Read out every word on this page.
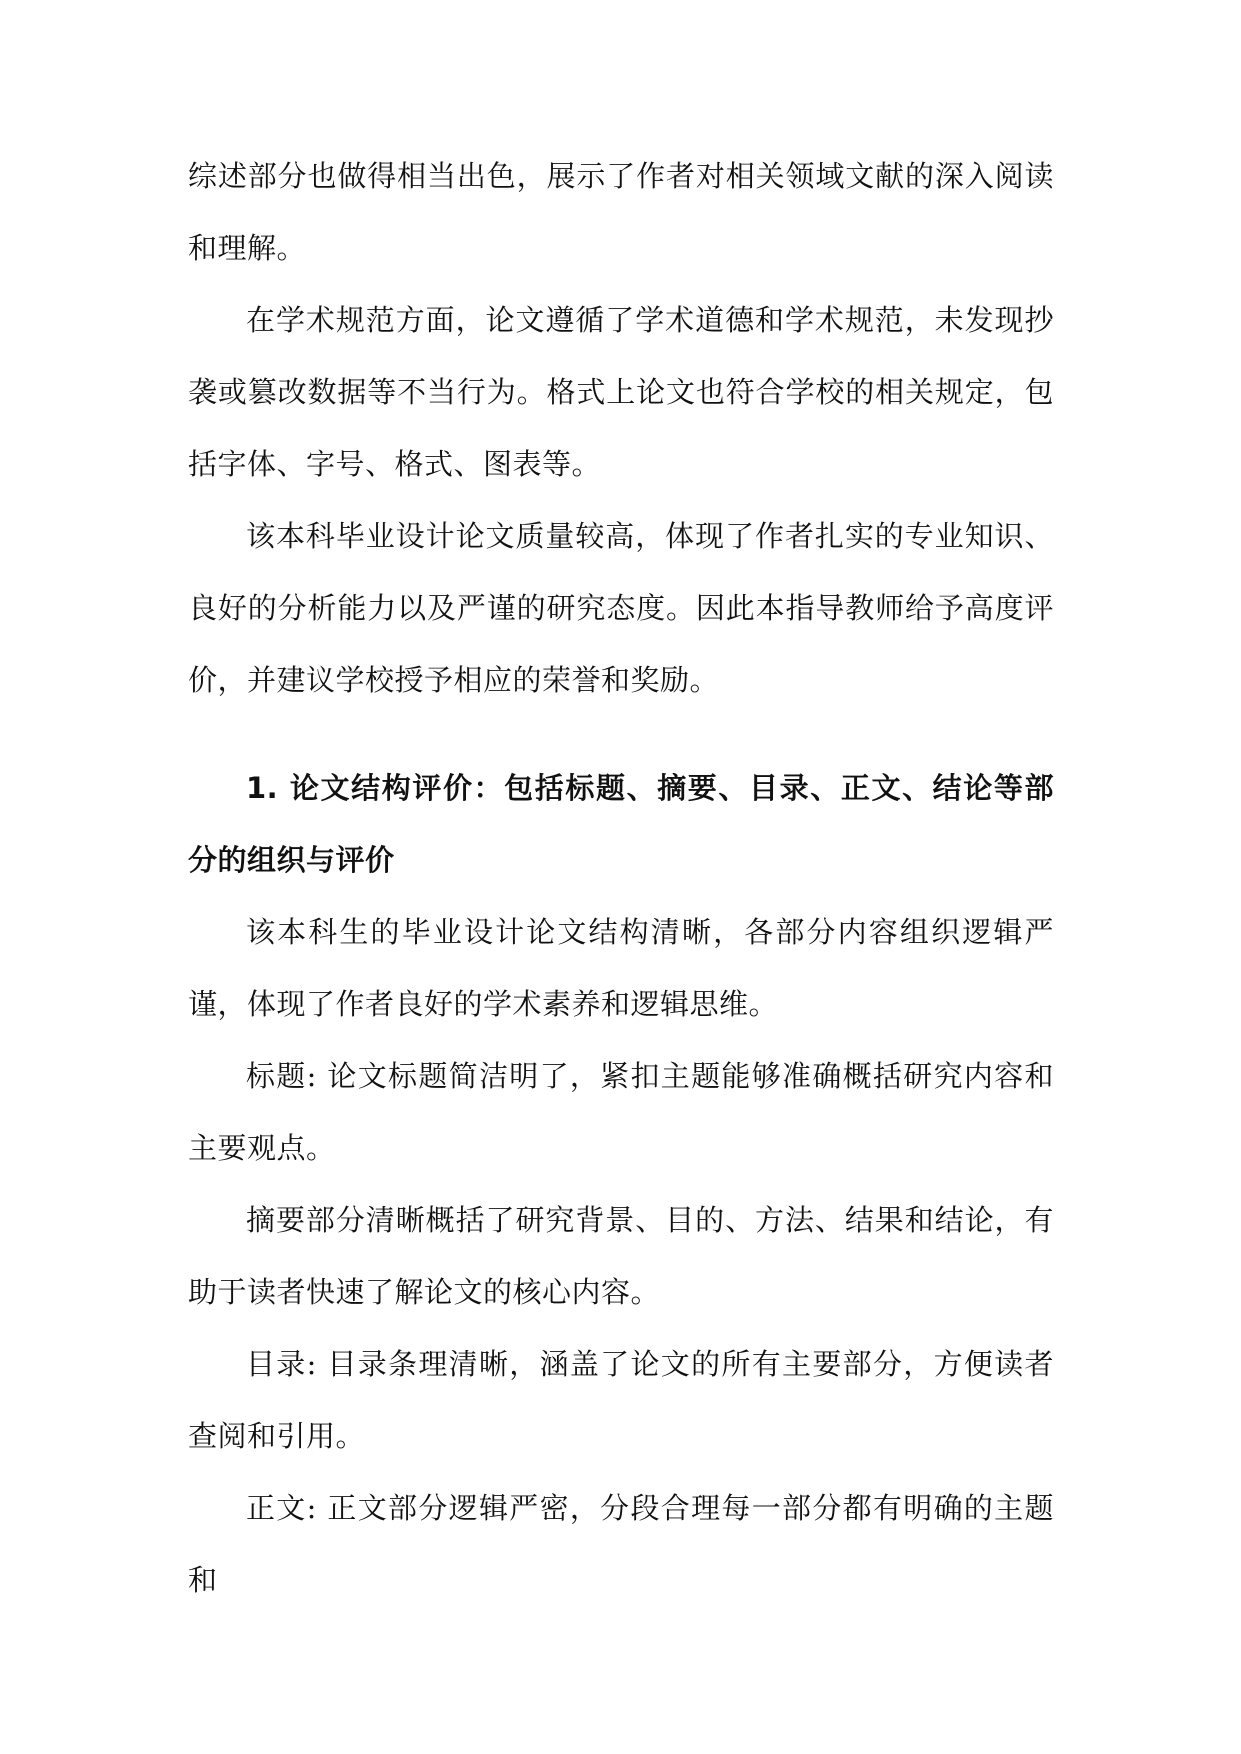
综述部分也做得相当出色，展示了作者对相关领域文献的深入阅读和理解。

在学术规范方面，论文遵循了学术道德和学术规范，未发现抄袭或篡改数据等不当行为。格式上论文也符合学校的相关规定，包括字体、字号、格式、图表等。

该本科毕业设计论文质量较高，体现了作者扎实的专业知识、良好的分析能力以及严谨的研究态度。因此本指导教师给予高度评价，并建议学校授予相应的荣誉和奖励。

1. 论文结构评价：包括标题、摘要、目录、正文、结论等部分的组织与评价

该本科生的毕业设计论文结构清晰，各部分内容组织逻辑严谨，体现了作者良好的学术素养和逻辑思维。

标题: 论文标题简洁明了，紧扣主题能够准确概括研究内容和主要观点。

摘要部分清晰概括了研究背景、目的、方法、结果和结论，有助于读者快速了解论文的核心内容。

目录: 目录条理清晰，涵盖了论文的所有主要部分，方便读者查阅和引用。

正文: 正文部分逻辑严密，分段合理每一部分都有明确的主题和
